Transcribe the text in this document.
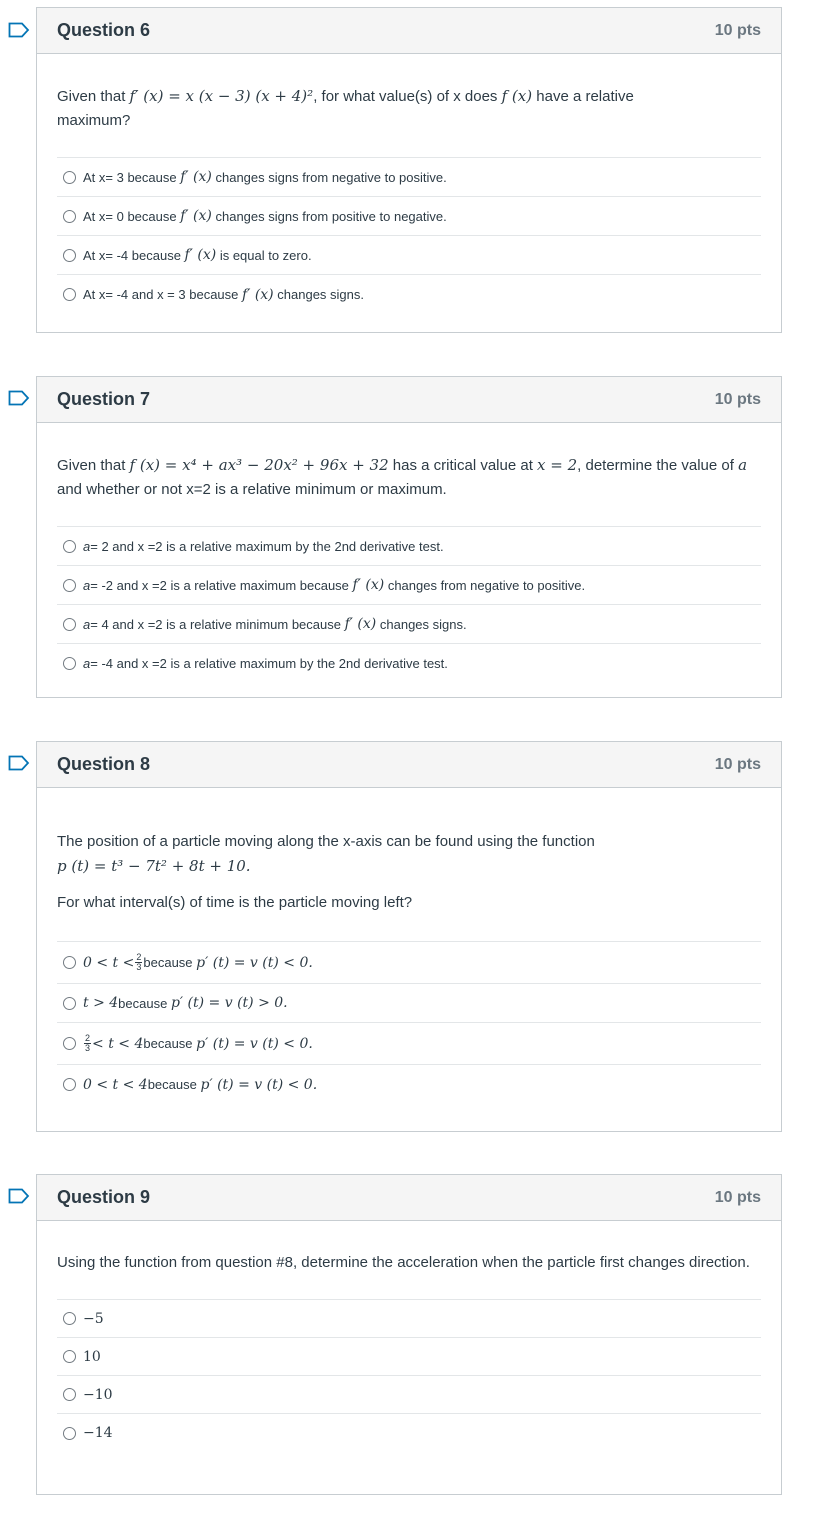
Question 6	10 pts

Given that f′ (x) = x (x − 3) (x + 4)², for what value(s) of x does f (x) have a relative maximum?

At x= 3 because
f′ (x)
changes signs from negative to positive.
At x= 0 because
f′ (x)
changes signs from positive to negative.
At x= -4 because
f′ (x)
is equal to zero.
At x= -4 and x = 3 because
f′ (x)
changes signs.
Question 7	10 pts

Given that f (x) = x⁴ + ax³ − 20x² + 96x + 32 has a critical value at x = 2, determine the value of a and whether or not x=2 is a relative minimum or maximum.

a = 2 and x =2 is a relative maximum by the 2nd derivative test.
a = -2 and x =2 is a relative maximum because
f′ (x)
changes from negative to positive.
a = 4 and x =2 is a relative minimum because
f′ (x)
changes signs.
a = -4 and x =2 is a relative maximum by the 2nd derivative test.
Question 8	10 pts

The position of a particle moving along the x-axis can be found using the function

p (t) = t³ − 7t² + 8t + 10.

For what interval(s) of time is the particle moving left?

$0 < t < \frac{2}{3}$ because
p′ (t) = v (t) < 0.
t > 4 because
p′ (t) = v (t) > 0.
$\frac{2}{3} < t < 4$ because
p′ (t) = v (t) < 0.
0 < t < 4 because
p′ (t) = v (t) < 0.
Question 9	10 pts

Using the function from question #8, determine the acceleration when the particle first changes direction.

−5
10
−10
−14
